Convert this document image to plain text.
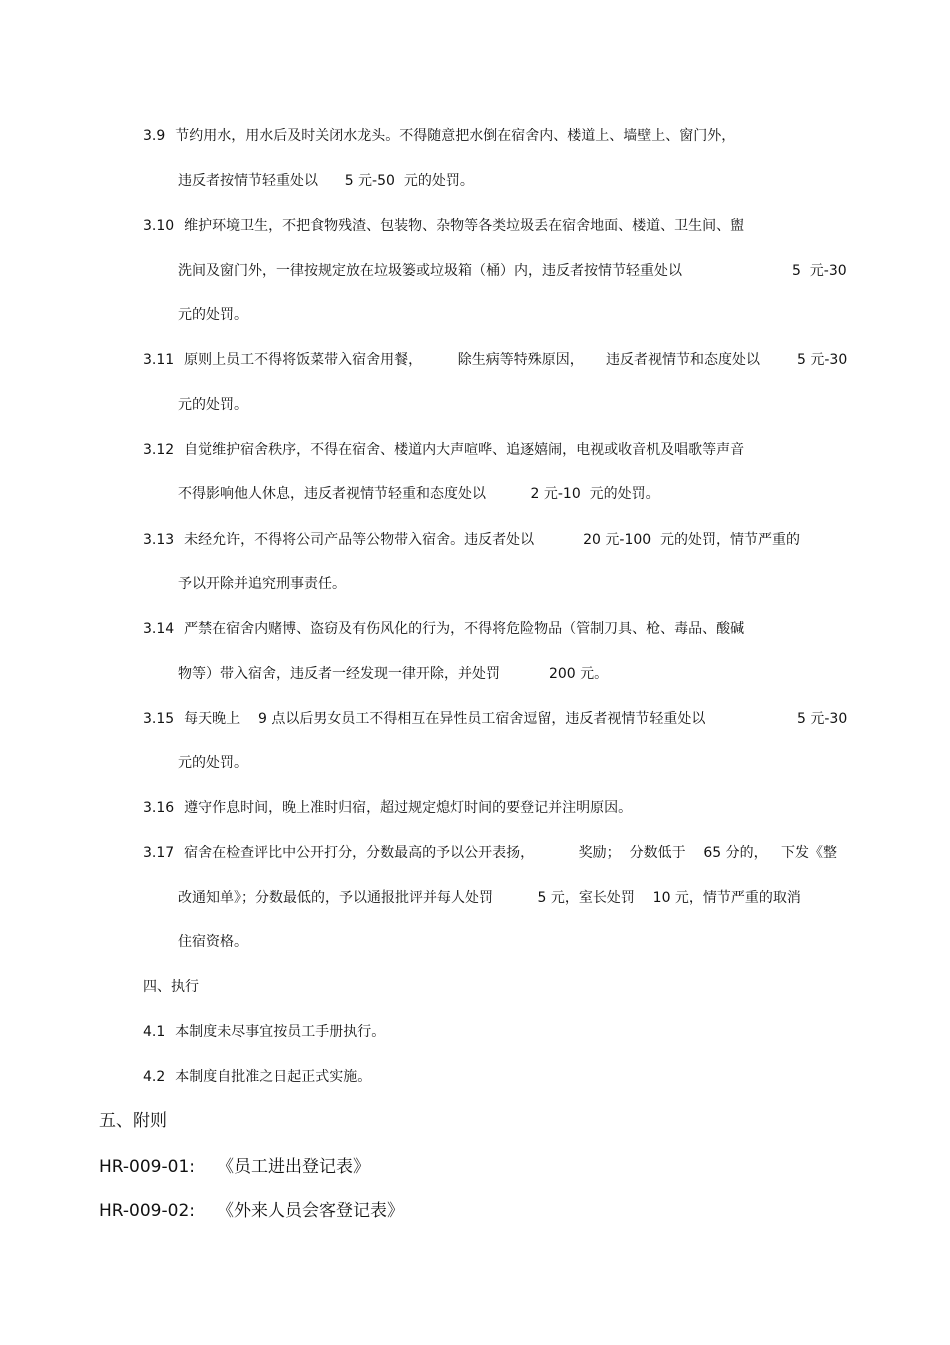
3.9 节约用水，用水后及时关闭水龙头。不得随意把水倒在宿舍内、楼道上、墙壁上、窗门外，
违反者按情节轻重处以      5 元-50  元的处罚。
3.10 维护环境卫生，不把食物残渣、包装物、杂物等各类垃圾丢在宿舍地面、楼道、卫生间、盥
洗间及窗门外，一律按规定放在垃圾篓或垃圾箱（桶）内，违反者按情节轻重处以	5  元-30
元的处罚。
3.11 原则上员工不得将饭菜带入宿舍用餐，        除生病等特殊原因，     违反者视情节和态度处以	5 元-30
元的处罚。
3.12 自觉维护宿舍秩序，不得在宿舍、楼道内大声喧哗、追逐嬉闹，电视或收音机及唱歌等声音
不得影响他人休息，违反者视情节轻重和态度处以          2 元-10  元的处罚。
3.13 未经允许，不得将公司产品等公物带入宿舍。违反者处以           20 元-100  元的处罚，情节严重的
予以开除并追究刑事责任。
3.14 严禁在宿舍内赌博、盗窃及有伤风化的行为，不得将危险物品（管制刀具、枪、毒品、酸碱
物等）带入宿舍，违反者一经发现一律开除，并处罚           200 元。
3.15 每天晚上    9 点以后男女员工不得相互在异性员工宿舍逗留，违反者视情节轻重处以	5 元-30
元的处罚。
3.16 遵守作息时间，晚上准时归宿，超过规定熄灯时间的要登记并注明原因。
3.17 宿舍在检查评比中公开打分，分数最高的予以公开表扬，          奖励；  分数低于    65 分的，   下发《整
改通知单》；分数最低的，予以通报批评并每人处罚          5 元，室长处罚    10 元，情节严重的取消
住宿资格。
四、执行
4.1 本制度未尽事宜按员工手册执行。
4.2 本制度自批准之日起正式实施。
五、附则
HR-009-01: 《员工进出登记表》
HR-009-02: 《外来人员会客登记表》
